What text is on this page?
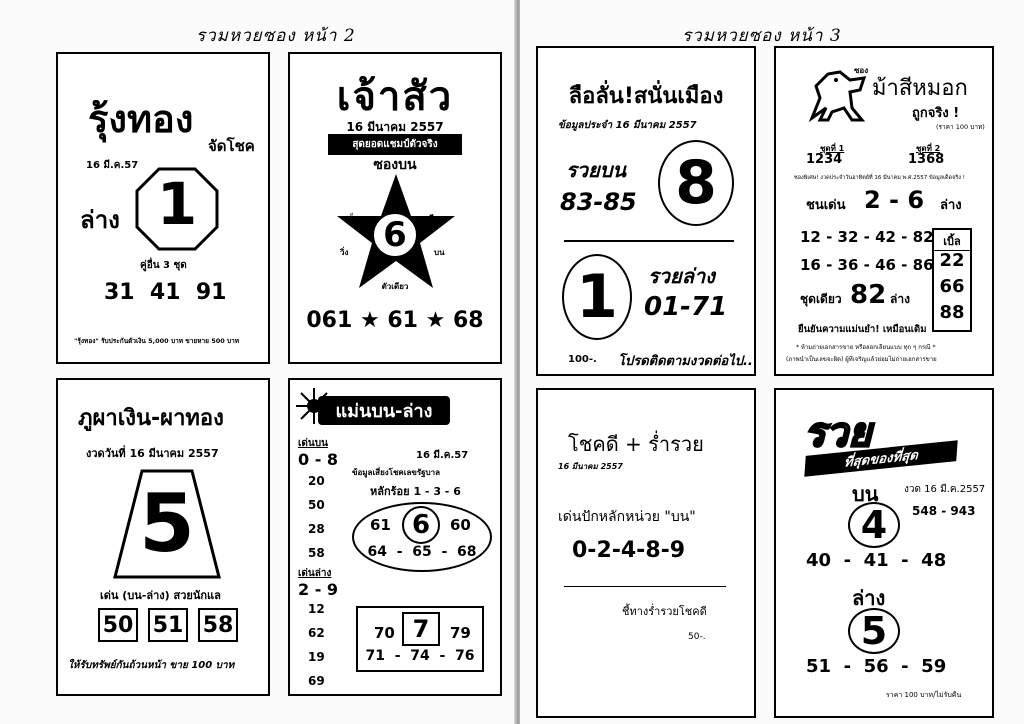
รวมหวยซอง หน้า 2
รุ้งทอง
จัดโชค
16 มี.ค.57
ล่าง 1
คู่อื่น 3 ชุด
31  41  91
"รุ้งทอง" รับประกันตัวเงิน 5,000 บาท ขายหาย 500 บาท
เจ้าสัว
16 มีนาคม 2557
สุดยอดแชมป์ตัวจริง
ซองบน
6
เม็ด	เดียว
วิ่ง	บน
ตัวเดียว
061 ★ 61 ★ 68
ภูผาเงิน-ผาทอง
งวดวันที่ 16 มีนาคม 2557
5
เด่น (บน-ล่าง) สวยนักแล
50 51 58
ให้รับทรัพย์กันถ้วนหน้า ขาย 100 บาท
แม่นบน-ล่าง
เด่นบน
0 - 8
20
50
28
58
เด่นล่าง
2 - 9
12
62
19
69
16 มี.ค.57
ข้อมูลเสี่ยงโชคเลขรัฐบาล
หลักร้อย 1 - 3 - 6
61 6	60
64  -  65  -  68
70 7	79
71  -  74  -  76
รวมหวยซอง หน้า 3
ลือลั่น!สนั่นเมือง
ข้อมูลประจำ 16 มีนาคม 2557
รวยบน
83-85 8
1	รวยล่าง
01-71
100-. โปรดติดตามงวดต่อไป..
ซอง
ม้าสีหมอก
ถูกจริง !
(ราคา 100 บาท)
ชุดที่ 1
1234
ชุดที่ 2
1368
ซองพิเศษ! งวดประจำวันอาทิตย์ที่ 16 มีนาคม พ.ศ.2557 ข้อมูลเด็ดจริง !
ชนเด่น 2 - 6 ล่าง
12 - 32 - 42 - 82
16 - 36 - 46 - 86
ชุดเดียว 82 ล่าง
เบิ้ล
22
66
88
ยืนยันความแม่นยำ! เหมือนเดิม
* ห้ามถ่ายเอกสารขาย หรือลอกเลียนแบบ ทุก ๆ กรณี *
(ภาพนำเป็นเลขจะผิด) ผู้ที่เจริญแล้วย่อมไม่ถ่ายเอกสารขาย
โชคดี + ร่ำรวย
16 มีนาคม 2557
เด่นปักหลักหน่วย "บน"
0-2-4-8-9
ชี้ทางร่ำรวยโชคดี
50-.
รวย
ที่สุดของที่สุด
บน	งวด 16 มี.ค.2557
4	548 - 943
40  -  41  -  48
ล่าง
5
51  -  56  -  59
ราคา 100 บาท/ไม่รับคืน
